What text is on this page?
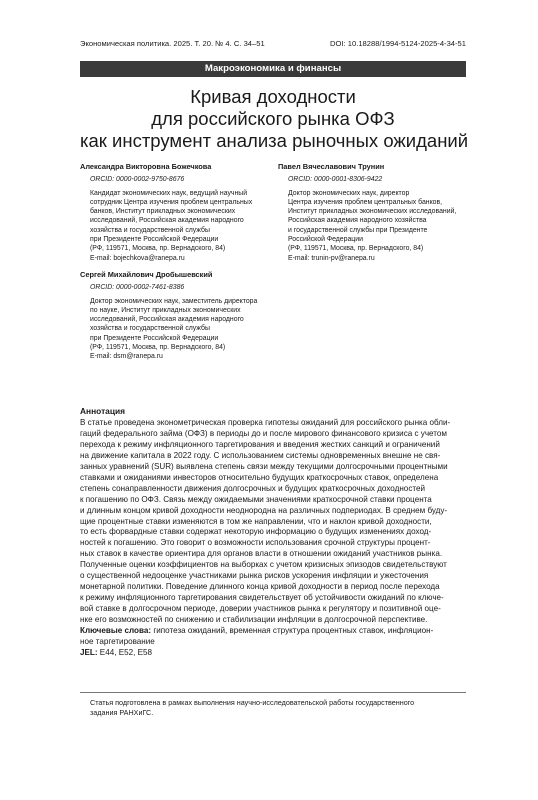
Экономическая политика. 2025. Т. 20. № 4. С. 34–51	DOI: 10.18288/1994-5124-2025-4-34-51
Макроэкономика и финансы
Кривая доходности
для российского рынка ОФЗ
как инструмент анализа рыночных ожиданий
Александра Викторовна Божечкова
ORCID: 0000-0002-9750-8676
Кандидат экономических наук, ведущий научный
сотрудник Центра изучения проблем центральных
банков, Институт прикладных экономических
исследований, Российская академия народного
хозяйства и государственной службы
при Президенте Российской Федерации
(РФ, 119571, Москва, пр. Вернадского, 84)
E-mail: bojechkova@ranepa.ru
Павел Вячеславович Трунин
ORCID: 0000-0001-8306-9422
Доктор экономических наук, директор
Центра изучения проблем центральных банков,
Институт прикладных экономических исследований,
Российская академия народного хозяйства
и государственной службы при Президенте
Российской Федерации
(РФ, 119571, Москва, пр. Вернадского, 84)
E-mail: trunin-pv@ranepa.ru
Сергей Михайлович Дробышевский
ORCID: 0000-0002-7461-8386
Доктор экономических наук, заместитель директора
по науке, Институт прикладных экономических
исследований, Российская академия народного
хозяйства и государственной службы
при Президенте Российской Федерации
(РФ, 119571, Москва, пр. Вернадского, 84)
E-mail: dsm@ranepa.ru
Аннотация
В статье проведена эконометрическая проверка гипотезы ожиданий для российского рынка обли-
гаций федерального займа (ОФЗ) в периоды до и после мирового финансового кризиса с учетом
перехода к режиму инфляционного таргетирования и введения жестких санкций и ограничений
на движение капитала в 2022 году. С использованием системы одновременных внешне не свя-
занных уравнений (SUR) выявлена степень связи между текущими долгосрочными процентными
ставками и ожиданиями инвесторов относительно будущих краткосрочных ставок, определена
степень сонаправленности движения долгосрочных и будущих краткосрочных доходностей
к погашению по ОФЗ. Связь между ожидаемыми значениями краткосрочной ставки процента
и длинным концом кривой доходности неоднородна на различных подпериодах. В среднем буду-
щие процентные ставки изменяются в том же направлении, что и наклон кривой доходности,
то есть форвардные ставки содержат некоторую информацию о будущих изменениях доход-
ностей к погашению. Это говорит о возможности использования срочной структуры процент-
ных ставок в качестве ориентира для органов власти в отношении ожиданий участников рынка.
Полученные оценки коэффициентов на выборках с учетом кризисных эпизодов свидетельствуют
о существенной недооценке участниками рынка рисков ускорения инфляции и ужесточения
монетарной политики. Поведение длинного конца кривой доходности в период после перехода
к режиму инфляционного таргетирования свидетельствует об устойчивости ожиданий по ключе-
вой ставке в долгосрочном периоде, доверии участников рынка к регулятору и позитивной оце-
нке его возможностей по снижению и стабилизации инфляции в долгосрочной перспективе.
Ключевые слова: гипотеза ожиданий, временная структура процентных ставок, инфляцион-
ное таргетирование
JEL: E44, E52, E58
Статья подготовлена в рамках выполнения научно-исследовательской работы государственного
задания РАНХиГС.
